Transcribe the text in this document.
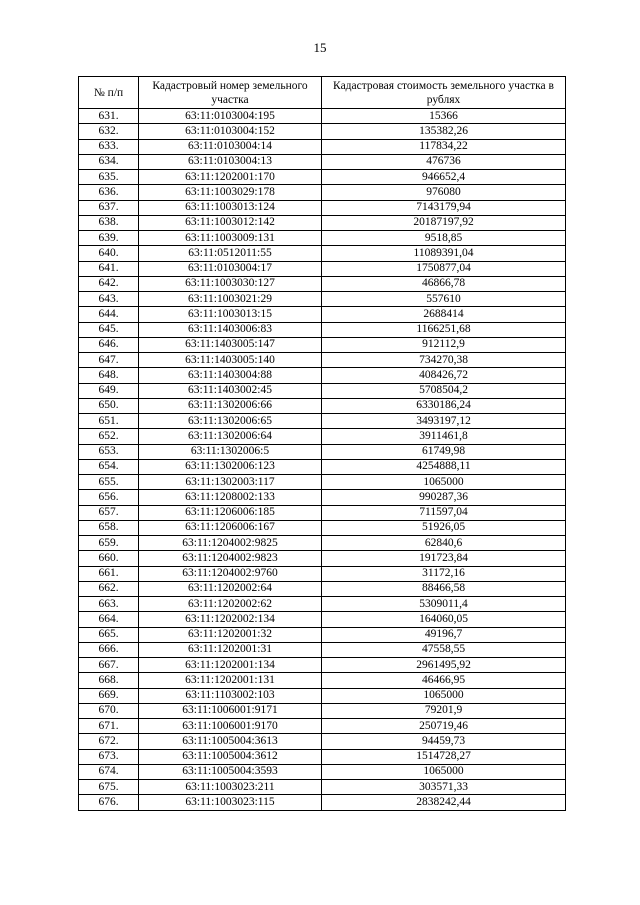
15
№ п/п	Кадастровый номер земельного участка	Кадастровая стоимость земельного участка в рублях
631.	63:11:0103004:195	15366
632.	63:11:0103004:152	135382,26
633.	63:11:0103004:14	117834,22
634.	63:11:0103004:13	476736
635.	63:11:1202001:170	946652,4
636.	63:11:1003029:178	976080
637.	63:11:1003013:124	7143179,94
638.	63:11:1003012:142	20187197,92
639.	63:11:1003009:131	9518,85
640.	63:11:0512011:55	11089391,04
641.	63:11:0103004:17	1750877,04
642.	63:11:1003030:127	46866,78
643.	63:11:1003021:29	557610
644.	63:11:1003013:15	2688414
645.	63:11:1403006:83	1166251,68
646.	63:11:1403005:147	912112,9
647.	63:11:1403005:140	734270,38
648.	63:11:1403004:88	408426,72
649.	63:11:1403002:45	5708504,2
650.	63:11:1302006:66	6330186,24
651.	63:11:1302006:65	3493197,12
652.	63:11:1302006:64	3911461,8
653.	63:11:1302006:5	61749,98
654.	63:11:1302006:123	4254888,11
655.	63:11:1302003:117	1065000
656.	63:11:1208002:133	990287,36
657.	63:11:1206006:185	711597,04
658.	63:11:1206006:167	51926,05
659.	63:11:1204002:9825	62840,6
660.	63:11:1204002:9823	191723,84
661.	63:11:1204002:9760	31172,16
662.	63:11:1202002:64	88466,58
663.	63:11:1202002:62	5309011,4
664.	63:11:1202002:134	164060,05
665.	63:11:1202001:32	49196,7
666.	63:11:1202001:31	47558,55
667.	63:11:1202001:134	2961495,92
668.	63:11:1202001:131	46466,95
669.	63:11:1103002:103	1065000
670.	63:11:1006001:9171	79201,9
671.	63:11:1006001:9170	250719,46
672.	63:11:1005004:3613	94459,73
673.	63:11:1005004:3612	1514728,27
674.	63:11:1005004:3593	1065000
675.	63:11:1003023:211	303571,33
676.	63:11:1003023:115	2838242,44
